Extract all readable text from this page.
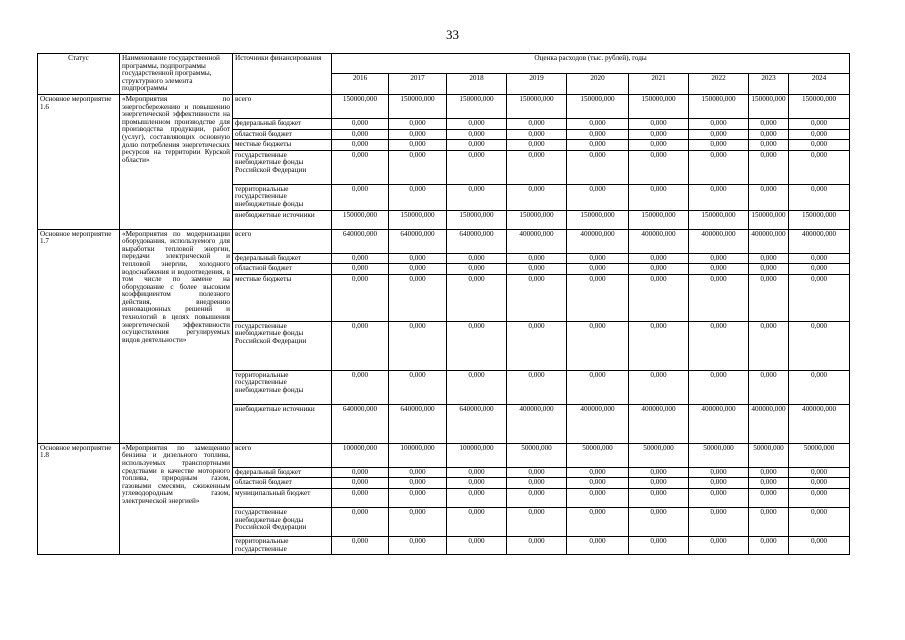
33
Статус	Наименование государственной программы, подпрограммы государственной программы, структурного элемента подпрограммы	Источники финансирования	Оценка расходов (тыс. рублей), годы								
			2016	2017	2018	2019	2020	2021	2022	2023	2024
Основное мероприятие 1.6	«Мероприятия по энергосбережению и повышению энергетической эффективности на промышленном производстве для производства продукции, работ (услуг), составляющих основную долю потребления энергетических ресурсов на территории Курской области»	всего	150000,000	150000,000	150000,000	150000,000	150000,000	150000,000	150000,000	150000,000	150000,000
		федеральный бюджет	0,000	0,000	0,000	0,000	0,000	0,000	0,000	0,000	0,000
		областной бюджет	0,000	0,000	0,000	0,000	0,000	0,000	0,000	0,000	0,000
		местные бюджеты	0,000	0,000	0,000	0,000	0,000	0,000	0,000	0,000	0,000
		государственные внебюджетные фонды Российской Федерации	0,000	0,000	0,000	0,000	0,000	0,000	0,000	0,000	0,000
		территориальные государственные внебюджетные фонды	0,000	0,000	0,000	0,000	0,000	0,000	0,000	0,000	0,000
		внебюджетные источники	150000,000	150000,000	150000,000	150000,000	150000,000	150000,000	150000,000	150000,000	150000,000
Основное мероприятие 1.7	«Мероприятия по модернизации оборудования, используемого для выработки тепловой энергии, передачи электрической и тепловой энергии, холодного водоснабжения и водоотведения, в том числе по замене на оборудование с более высоким коэффициентом полезного действия, внедрению инновационных решений и технологий в целях повышения энергетической эффективности осуществления регулируемых видов деятельности»	всего	640000,000	640000,000	640000,000	400000,000	400000,000	400000,000	400000,000	400000,000	400000,000
		федеральный бюджет	0,000	0,000	0,000	0,000	0,000	0,000	0,000	0,000	0,000
		областной бюджет	0,000	0,000	0,000	0,000	0,000	0,000	0,000	0,000	0,000
		местные бюджеты	0,000	0,000	0,000	0,000	0,000	0,000	0,000	0,000	0,000
		государственные внебюджетные фонды Российской Федерации	0,000	0,000	0,000	0,000	0,000	0,000	0,000	0,000	0,000
		территориальные государственные внебюджетные фонды	0,000	0,000	0,000	0,000	0,000	0,000	0,000	0,000	0,000
		внебюджетные источники	640000,000	640000,000	640000,000	400000,000	400000,000	400000,000	400000,000	400000,000	400000,000
Основное мероприятие 1.8	«Мероприятия по замещению бензина и дизельного топлива, используемых транспортными средствами в качестве моторного топлива, природным газом, газовыми смесями, сжиженным углеводородным газом, электрической энергией»	всего	100000,000	100000,000	100000,000	50000,000	50000,000	50000,000	50000,000	50000,000	50000,000
		федеральный бюджет	0,000	0,000	0,000	0,000	0,000	0,000	0,000	0,000	0,000
		областной бюджет	0,000	0,000	0,000	0,000	0,000	0,000	0,000	0,000	0,000
		муниципальный бюджет	0,000	0,000	0,000	0,000	0,000	0,000	0,000	0,000	0,000
		государственные внебюджетные фонды Российской Федерации	0,000	0,000	0,000	0,000	0,000	0,000	0,000	0,000	0,000
		территориальные государственные	0,000	0,000	0,000	0,000	0,000	0,000	0,000	0,000	0,000
